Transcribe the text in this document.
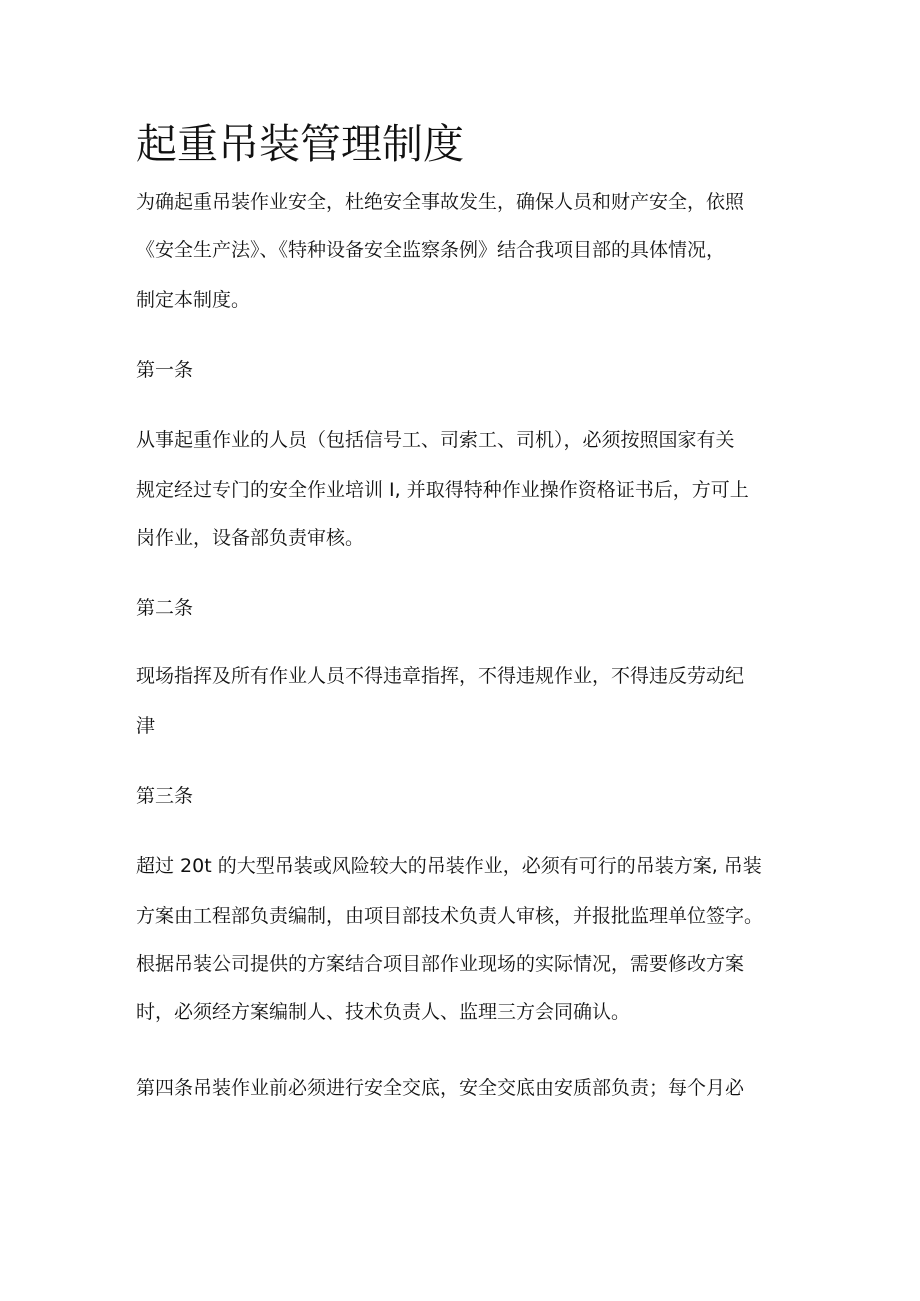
起重吊装管理制度

为确起重吊装作业安全，杜绝安全事故发生，确保人员和财产安全，依照

《安全生产法》、《特种设备安全监察条例》结合我项目部的具体情况，

制定本制度。

第一条

从事起重作业的人员（包括信号工、司索工、司机），必须按照国家有关

规定经过专门的安全作业培训 I, 并取得特种作业操作资格证书后，方可上

岗作业，设备部负责审核。

第二条

现场指挥及所有作业人员不得违章指挥，不得违规作业，不得违反劳动纪

津

第三条

超过 20t 的大型吊装或风险较大的吊装作业，必须有可行的吊装方案, 吊装

方案由工程部负责编制，由项目部技术负责人审核，并报批监理单位签字。

根据吊装公司提供的方案结合项目部作业现场的实际情况，需要修改方案

时，必须经方案编制人、技术负责人、监理三方会同确认。

第四条吊装作业前必须进行安全交底，安全交底由安质部负责；每个月必
